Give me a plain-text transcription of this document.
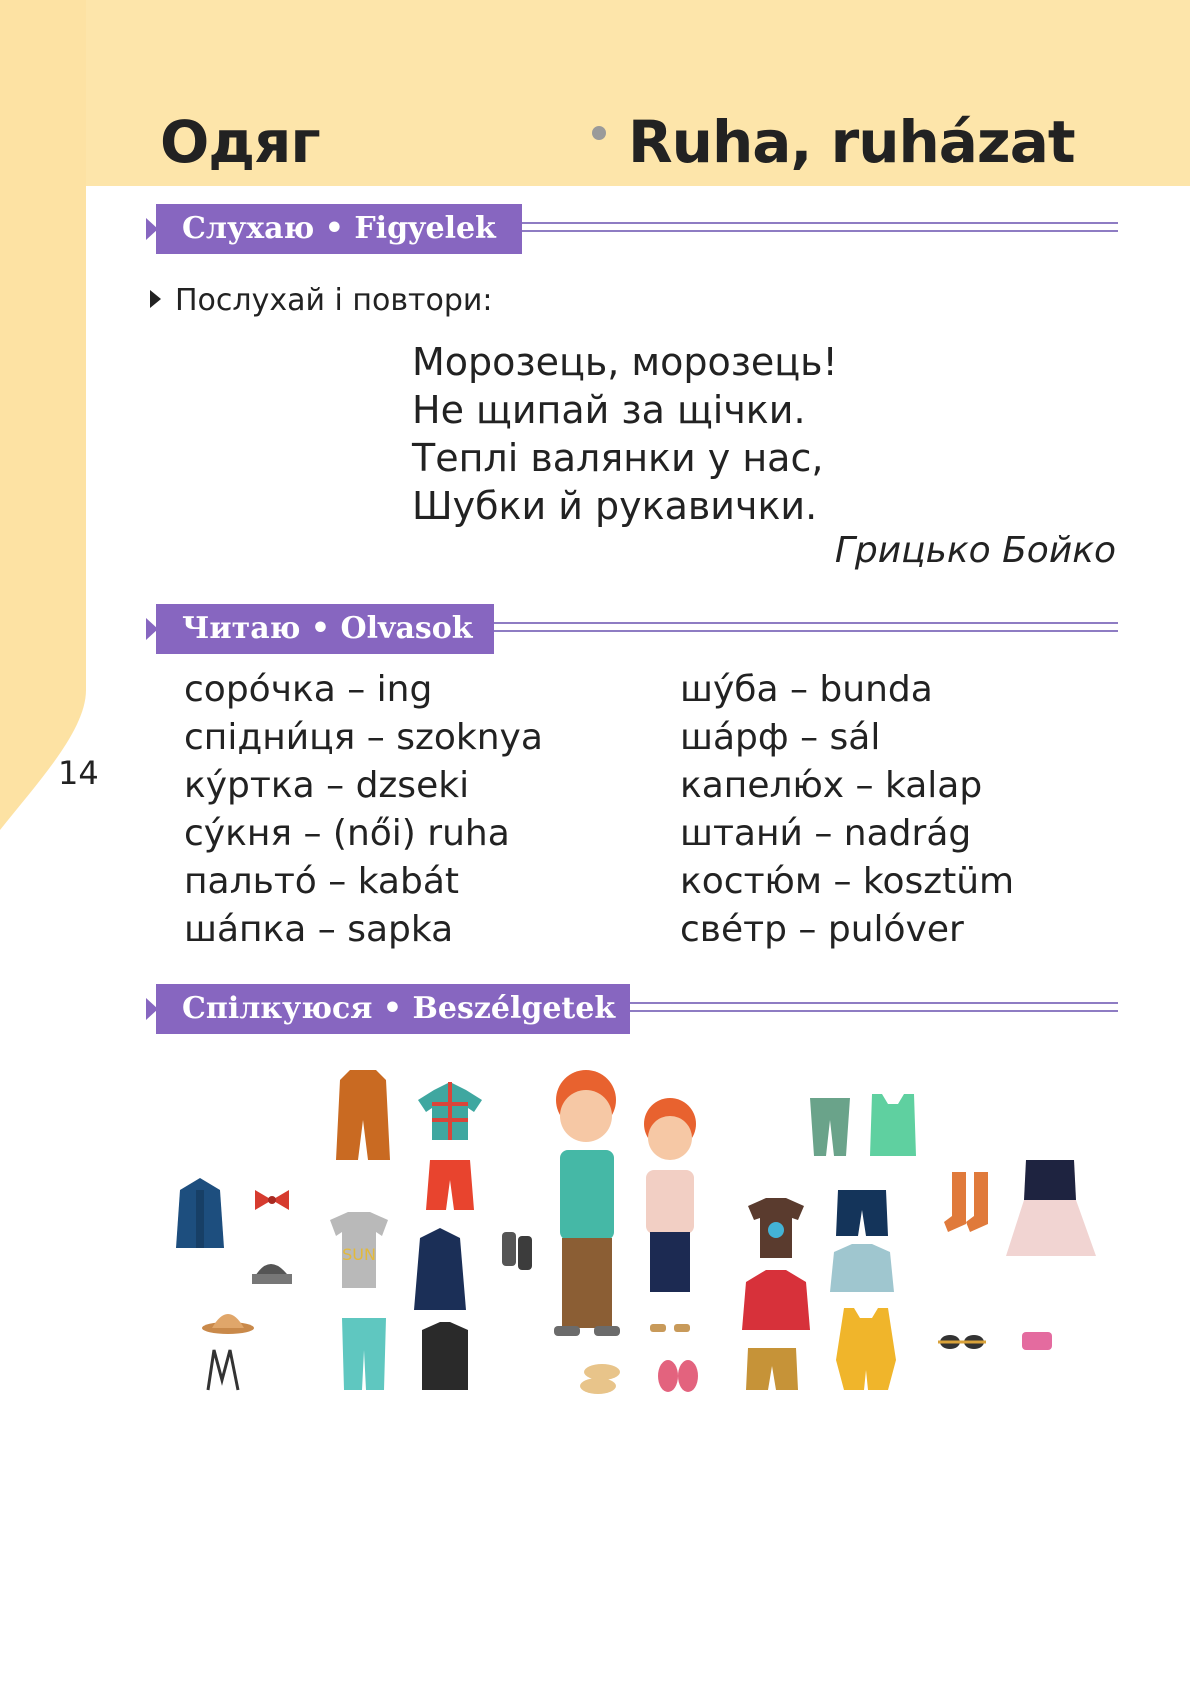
Одяг	Ruha, ruházat
14
Слухаю • Figyelek
Послухай і повтори:
Морозець, морозець!
Не щипай за щічки.
Теплі валянки у нас,
Шубки й рукавички.
Грицько Бойко
Читаю • Olvasok
соро́чка – ing
спідни́ця – szoknya
ку́ртка – dzseki
су́кня – (női) ruha
пальто́ – kabát
ша́пка – sapka
шу́ба – bunda
ша́рф – sál
капелю́х – kalap
штани́ – nadrág
костю́м – kosztüm
све́тр – pulóver
Спілкуюся • Beszélgetek
SUN
